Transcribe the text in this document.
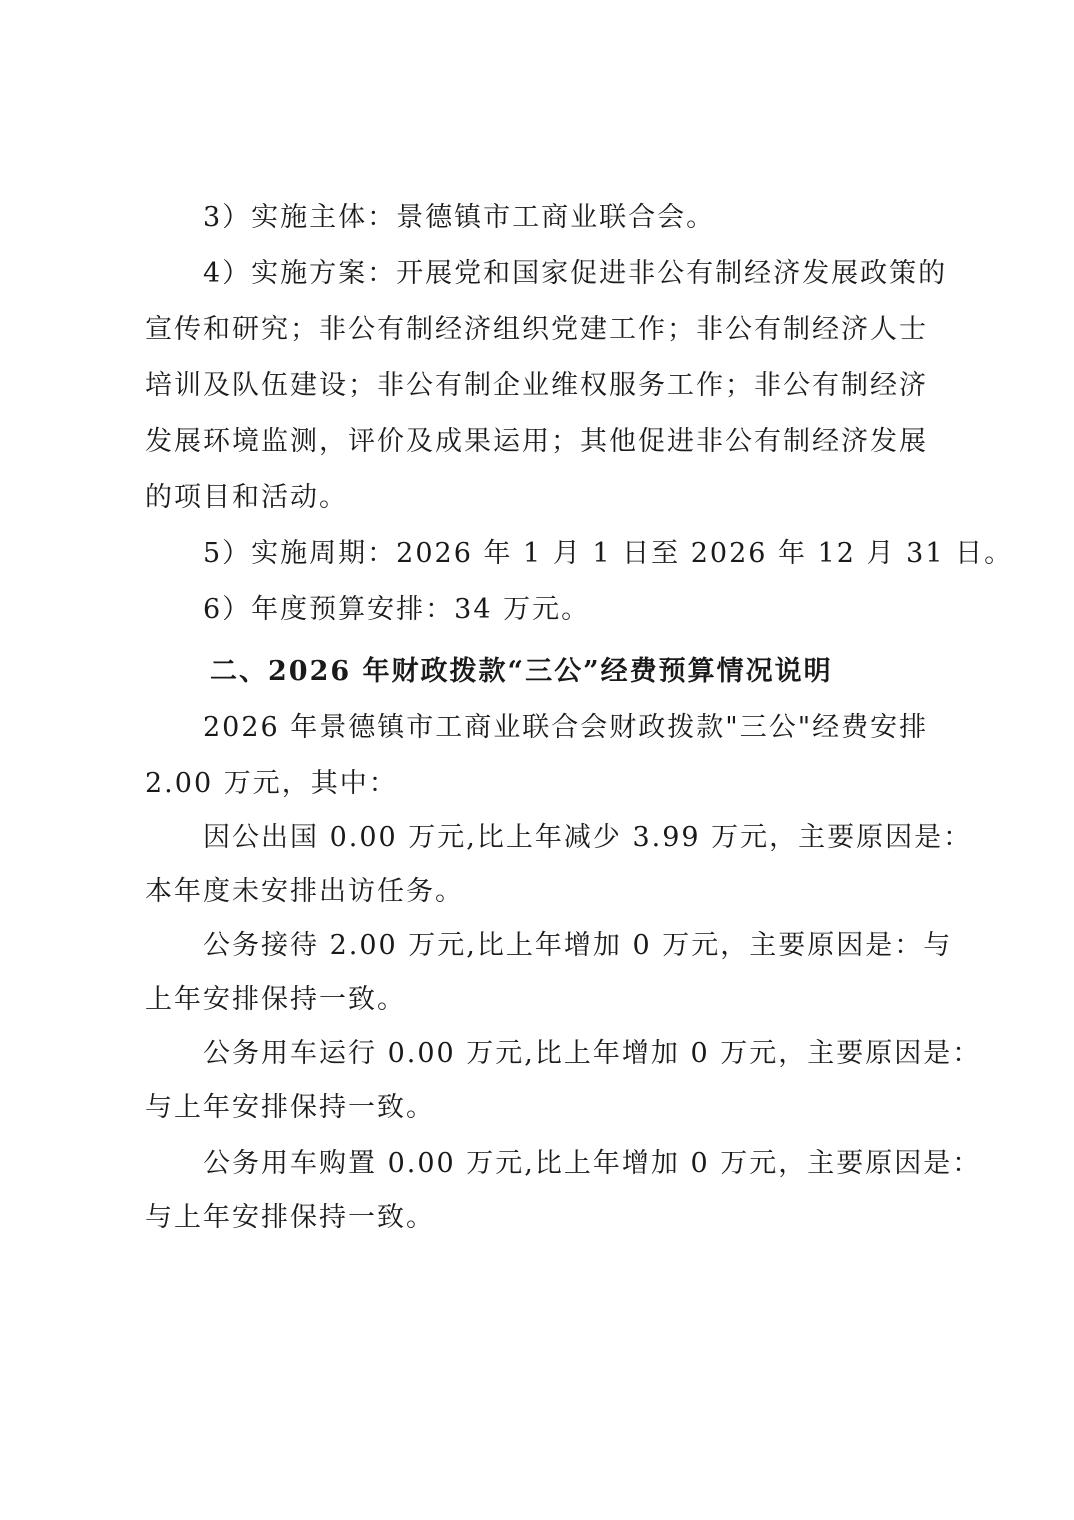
3）实施主体：景德镇市工商业联合会。
4）实施方案：开展党和国家促进非公有制经济发展政策的
宣传和研究；非公有制经济组织党建工作；非公有制经济人士
培训及队伍建设；非公有制企业维权服务工作；非公有制经济
发展环境监测，评价及成果运用；其他促进非公有制经济发展
的项目和活动。
5）实施周期：2026 年 1 月 1 日至 2026 年 12 月 31 日。
6）年度预算安排：34 万元。
二、2026 年财政拨款“三公”经费预算情况说明
2026 年景德镇市工商业联合会财政拨款"三公"经费安排
2.00 万元，其中：
因公出国 0.00 万元,比上年减少 3.99 万元，主要原因是：
本年度未安排出访任务。
公务接待 2.00 万元,比上年增加 0 万元，主要原因是：与
上年安排保持一致。
公务用车运行 0.00 万元,比上年增加 0 万元，主要原因是：
与上年安排保持一致。
公务用车购置 0.00 万元,比上年增加 0 万元，主要原因是：
与上年安排保持一致。
